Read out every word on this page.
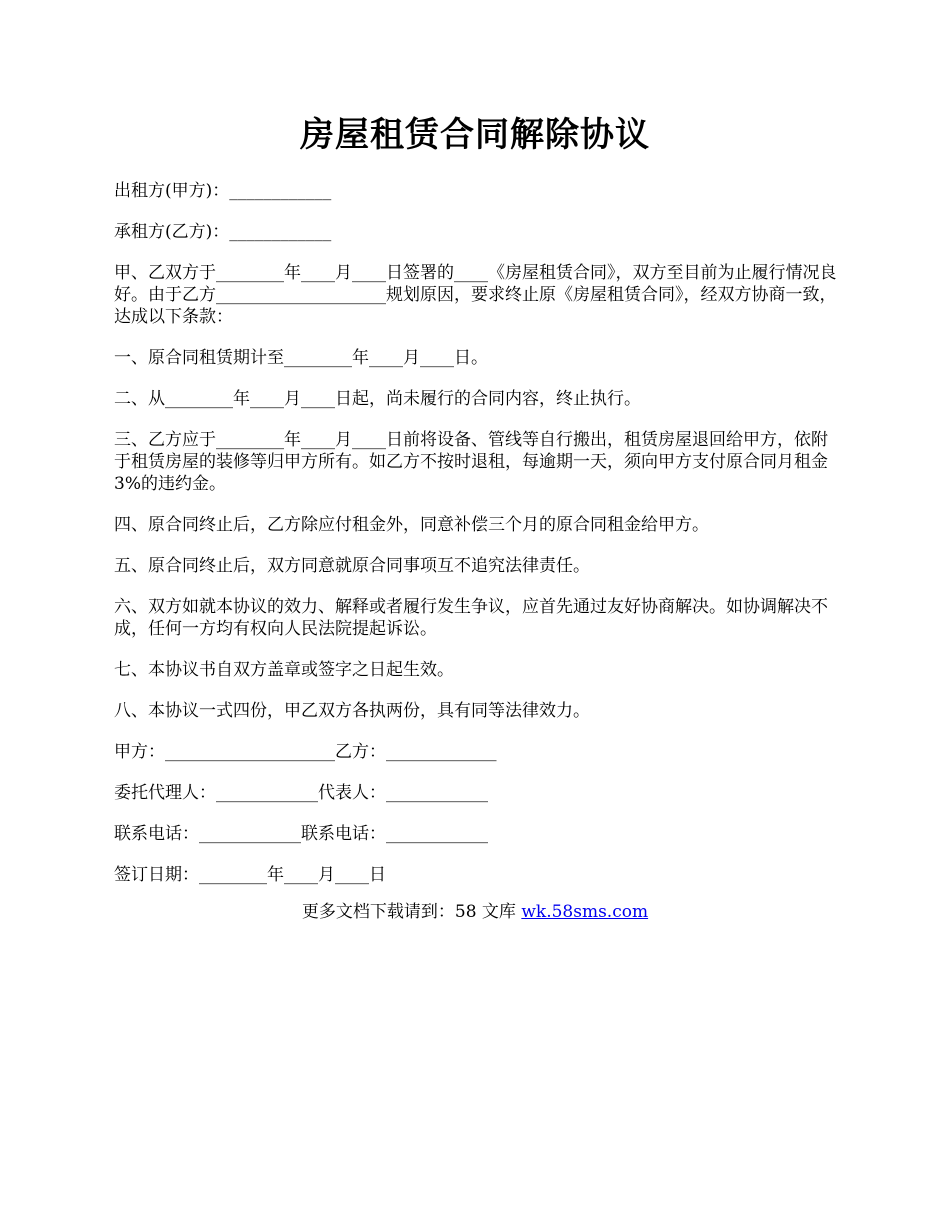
房屋租赁合同解除协议

出租方(甲方)：____________

承租方(乙方)：____________

甲、乙双方于________年____月____日签署的____《房屋租赁合同》，双方至目前为止履行情况良好。由于乙方____________________规划原因，要求终止原《房屋租赁合同》，经双方协商一致，达成以下条款：

一、原合同租赁期计至________年____月____日。

二、从________年____月____日起，尚未履行的合同内容，终止执行。

三、乙方应于________年____月____日前将设备、管线等自行搬出，租赁房屋退回给甲方，依附于租赁房屋的装修等归甲方所有。如乙方不按时退租，每逾期一天，须向甲方支付原合同月租金3%的违约金。

四、原合同终止后，乙方除应付租金外，同意补偿三个月的原合同租金给甲方。

五、原合同终止后，双方同意就原合同事项互不追究法律责任。

六、双方如就本协议的效力、解释或者履行发生争议，应首先通过友好协商解决。如协调解决不成，任何一方均有权向人民法院提起诉讼。

七、本协议书自双方盖章或签字之日起生效。

八、本协议一式四份，甲乙双方各执两份，具有同等法律效力。

甲方：____________________乙方：_____________

委托代理人：____________代表人：____________

联系电话：____________联系电话：____________

签订日期：________年____月____日

更多文档下载请到：58 文库 wk.58sms.com
